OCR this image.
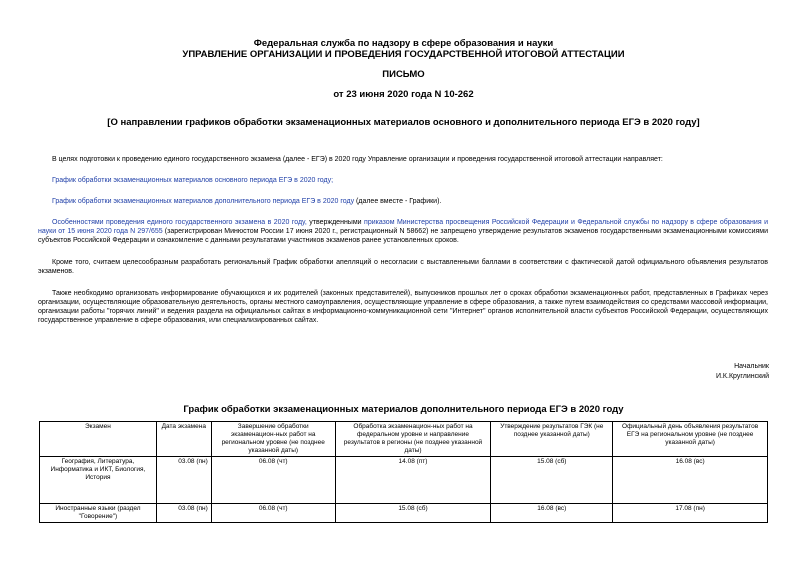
Федеральная служба по надзору в сфере образования и науки
УПРАВЛЕНИЕ ОРГАНИЗАЦИИ И ПРОВЕДЕНИЯ ГОСУДАРСТВЕННОЙ ИТОГОВОЙ АТТЕСТАЦИИ
ПИСЬМО
от 23 июня 2020 года N 10-262
[О направлении графиков обработки экзаменационных материалов основного и дополнительного периода ЕГЭ в 2020 году]
В целях подготовки к проведению единого государственного экзамена (далее - ЕГЭ) в 2020 году Управление организации и проведения государственной итоговой аттестации направляет:
График обработки экзаменационных материалов основного периода ЕГЭ в 2020 году;
График обработки экзаменационных материалов дополнительного периода ЕГЭ в 2020 году (далее вместе - Графики).
Особенностями проведения единого государственного экзамена в 2020 году, утвержденными приказом Министерства просвещения Российской Федерации и Федеральной службы по надзору в сфере образования и науки от 15 июня 2020 года N 297/655 (зарегистрирован Минюстом России 17 июня 2020 г., регистрационный N 58662) не запрещено утверждение результатов экзаменов государственными экзаменационными комиссиями субъектов Российской Федерации и ознакомление с данными результатами участников экзаменов ранее установленных сроков.
Кроме того, считаем целесообразным разработать региональный График обработки апелляций о несогласии с выставленными баллами в соответствии с фактической датой официального объявления результатов экзаменов.
Также необходимо организовать информирование обучающихся и их родителей (законных представителей), выпускников прошлых лет о сроках обработки экзаменационных работ, представленных в Графиках через организации, осуществляющие образовательную деятельность, органы местного самоуправления, осуществляющие управление в сфере образования, а также путем взаимодействия со средствами массовой информации, организации работы "горячих линий" и ведения раздела на официальных сайтах в информационно-коммуникационной сети "Интернет" органов исполнительной власти субъектов Российской Федерации, осуществляющих государственное управление в сфере образования, или специализированных сайтах.
Начальник
И.К.Круглинский
График обработки экзаменационных материалов дополнительного периода ЕГЭ в 2020 году
Экзамен	Дата экзамена	Завершение обработки экзаменацион-ных работ на региональном уровне (не позднее указанной даты)	Обработка экзаменацион-ных работ на федеральном уровне и направление результатов в регионы (не позднее указанной даты)	Утверждение результатов ГЭК (не позднее указанной даты)	Официальный день объявления результатов ЕГЭ на региональном уровне (не позднее указанной даты)
География, Литература, Информатика и ИКТ, Биология, История	03.08 (пн)	06.08 (чт)	14.08 (пт)	15.08 (сб)	16.08 (вс)
Иностранные языки (раздел "Говорение")	03.08 (пн)	06.08 (чт)	15.08 (сб)	16.08 (вс)	17.08 (пн)
